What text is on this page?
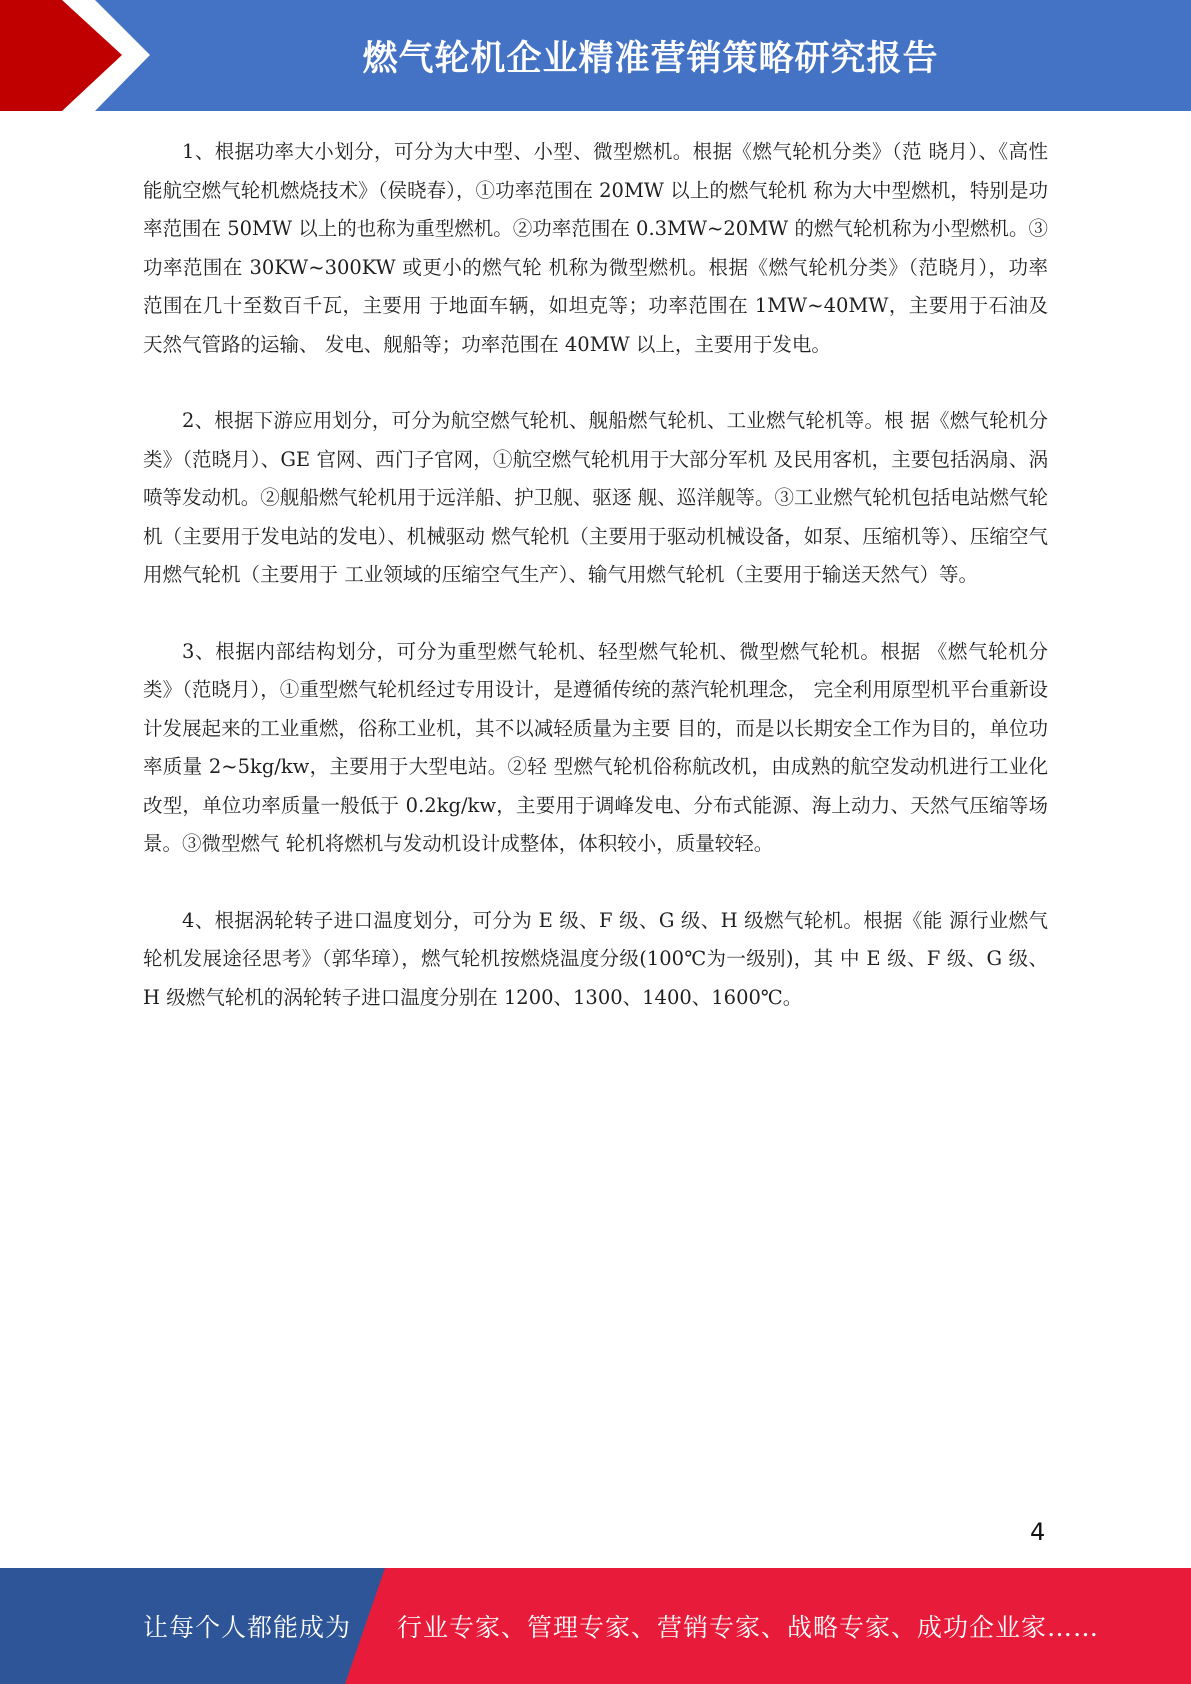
燃气轮机企业精准营销策略研究报告

1、根据功率大小划分，可分为大中型、小型、微型燃机。根据《燃气轮机分类》（范 晓月）、《高性能航空燃气轮机燃烧技术》（侯晓春），①功率范围在 20MW 以上的燃气轮机 称为大中型燃机，特别是功率范围在 50MW 以上的也称为重型燃机。②功率范围在 0.3MW~20MW 的燃气轮机称为小型燃机。③功率范围在 30KW~300KW 或更小的燃气轮 机称为微型燃机。根据《燃气轮机分类》（范晓月），功率范围在几十至数百千瓦，主要用 于地面车辆，如坦克等；功率范围在 1MW~40MW，主要用于石油及天然气管路的运输、 发电、舰船等；功率范围在 40MW 以上，主要用于发电。

2、根据下游应用划分，可分为航空燃气轮机、舰船燃气轮机、工业燃气轮机等。根 据《燃气轮机分类》（范晓月）、GE 官网、西门子官网，①航空燃气轮机用于大部分军机 及民用客机，主要包括涡扇、涡喷等发动机。②舰船燃气轮机用于远洋船、护卫舰、驱逐 舰、巡洋舰等。③工业燃气轮机包括电站燃气轮机（主要用于发电站的发电）、机械驱动 燃气轮机（主要用于驱动机械设备，如泵、压缩机等）、压缩空气用燃气轮机（主要用于 工业领域的压缩空气生产）、输气用燃气轮机（主要用于输送天然气）等。

3、根据内部结构划分，可分为重型燃气轮机、轻型燃气轮机、微型燃气轮机。根据 《燃气轮机分类》（范晓月），①重型燃气轮机经过专用设计，是遵循传统的蒸汽轮机理念， 完全利用原型机平台重新设计发展起来的工业重燃，俗称工业机，其不以减轻质量为主要 目的，而是以长期安全工作为目的，单位功率质量 2~5kg/kw，主要用于大型电站。②轻 型燃气轮机俗称航改机，由成熟的航空发动机进行工业化改型，单位功率质量一般低于 0.2kg/kw，主要用于调峰发电、分布式能源、海上动力、天然气压缩等场景。③微型燃气 轮机将燃机与发动机设计成整体，体积较小，质量较轻。

4、根据涡轮转子进口温度划分，可分为 E 级、F 级、G 级、H 级燃气轮机。根据《能 源行业燃气轮机发展途径思考》（郭华璋），燃气轮机按燃烧温度分级(100℃为一级别)，其 中 E 级、F 级、G 级、H 级燃气轮机的涡轮转子进口温度分别在 1200、1300、1400、1600℃。

4
让每个人都能成为 行业专家、管理专家、营销专家、战略专家、成功企业家……
